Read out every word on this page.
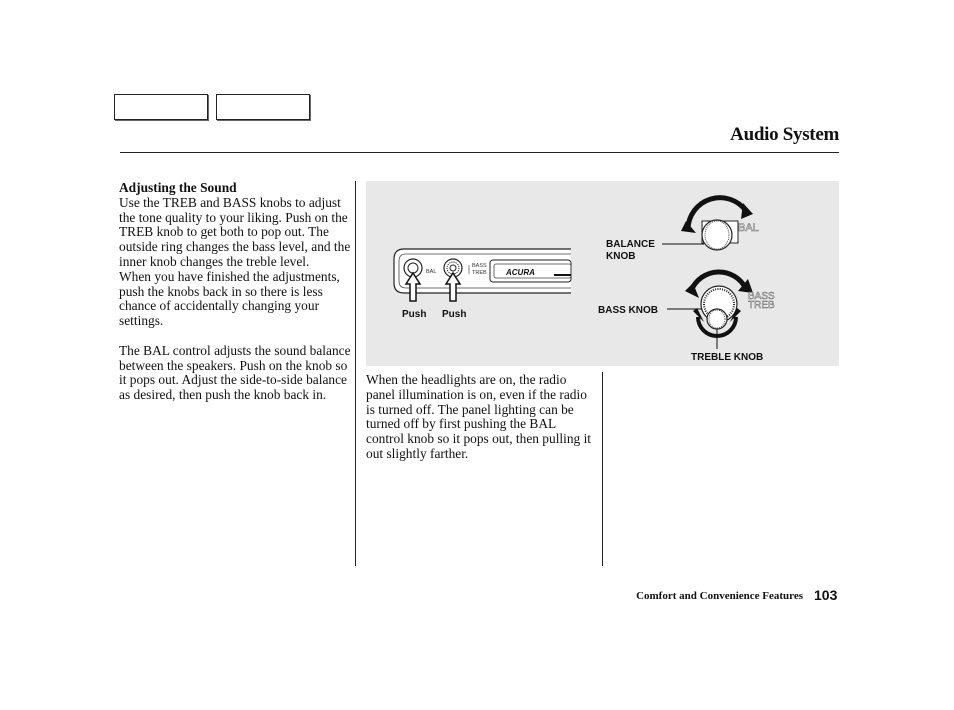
Audio System
Adjusting the Sound
Use the TREB and BASS knobs to adjust the tone quality to your liking. Push on the TREB knob to get both to pop out. The outside ring changes the bass level, and the inner knob changes the treble level.
When you have finished the adjustments, push the knobs back in so there is less chance of accidentally changing your settings.
The BAL control adjusts the sound balance between the speakers. Push on the knob so it pops out. Adjust the side-to-side balance as desired, then push the knob back in.
BAL
BASS
TREB ACURA
Push Push
BAL
BALANCE
KNOB
BASS
TREB
BASS KNOB
TREBLE KNOB
When the headlights are on, the radio panel illumination is on, even if the radio is turned off. The panel lighting can be turned off by first pushing the BAL control knob so it pops out, then pulling it out slightly farther.
Comfort and Convenience Features 103
